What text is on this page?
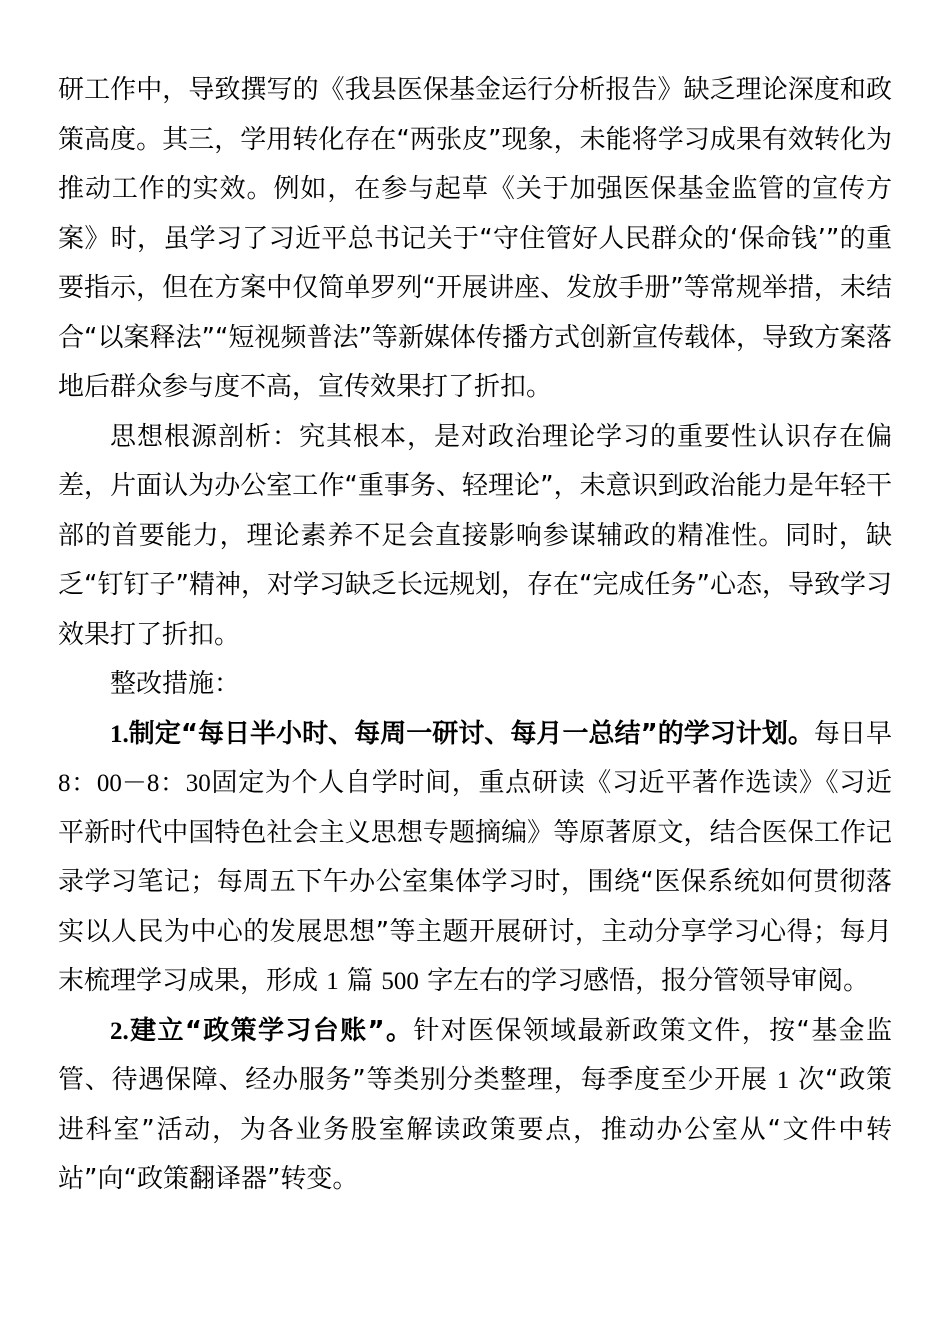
研工作中，导致撰写的《我县医保基金运行分析报告》缺乏理论深度和政策高度。其三，学用转化存在“两张皮”现象，未能将学习成果有效转化为推动工作的实效。例如，在参与起草《关于加强医保基金监管的宣传方案》时，虽学习了习近平总书记关于“守住管好人民群众的‘保命钱’”的重要指示，但在方案中仅简单罗列“开展讲座、发放手册”等常规举措，未结合“以案释法”“短视频普法”等新媒体传播方式创新宣传载体，导致方案落地后群众参与度不高，宣传效果打了折扣。

思想根源剖析：究其根本，是对政治理论学习的重要性认识存在偏差，片面认为办公室工作“重事务、轻理论”，未意识到政治能力是年轻干部的首要能力，理论素养不足会直接影响参谋辅政的精准性。同时，缺乏“钉钉子”精神，对学习缺乏长远规划，存在“完成任务”心态，导致学习效果打了折扣。

整改措施：

1.制定“每日半小时、每周一研讨、每月一总结”的学习计划。每日早8：00－8：30固定为个人自学时间，重点研读《习近平著作选读》《习近平新时代中国特色社会主义思想专题摘编》等原著原文，结合医保工作记录学习笔记；每周五下午办公室集体学习时，围绕“医保系统如何贯彻落实以人民为中心的发展思想”等主题开展研讨，主动分享学习心得；每月末梳理学习成果，形成 1 篇 500 字左右的学习感悟，报分管领导审阅。

2.建立“政策学习台账”。针对医保领域最新政策文件，按“基金监管、待遇保障、经办服务”等类别分类整理，每季度至少开展 1 次“政策进科室”活动，为各业务股室解读政策要点，推动办公室从“文件中转站”向“政策翻译器”转变。
